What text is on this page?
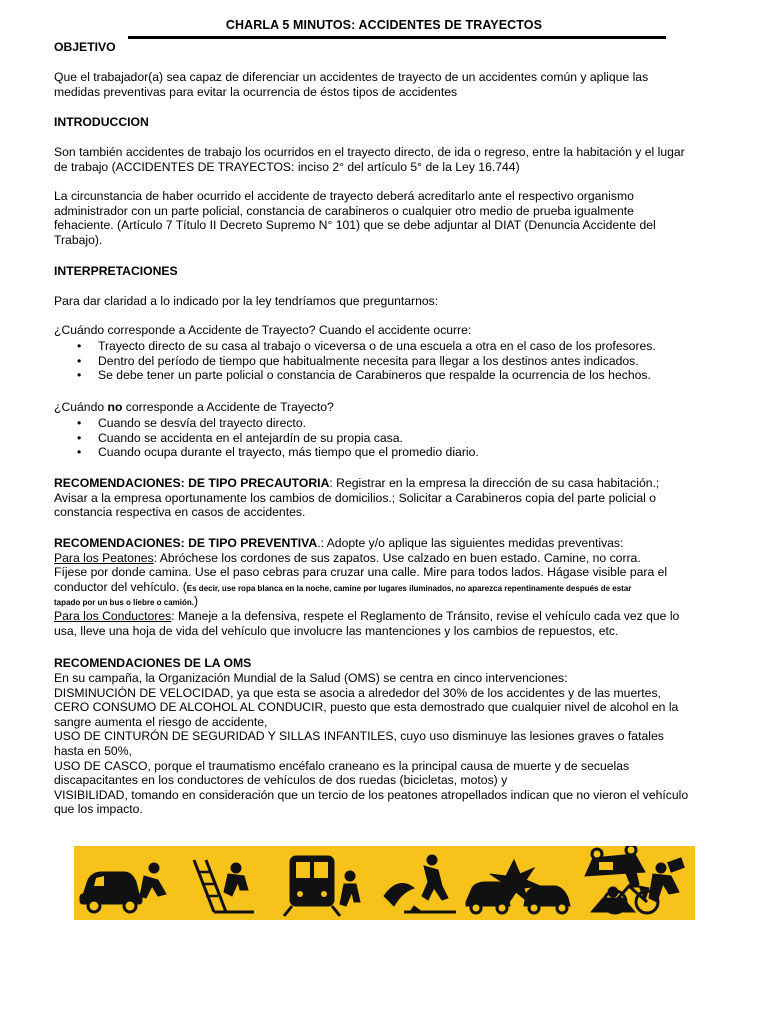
CHARLA 5 MINUTOS: ACCIDENTES DE TRAYECTOS
OBJETIVO
Que el trabajador(a) sea capaz de diferenciar un accidentes de trayecto de un accidentes común y aplique las
medidas preventivas para evitar la ocurrencia de éstos tipos de accidentes
INTRODUCCION
Son también accidentes de trabajo los ocurridos en el trayecto directo, de ida o regreso, entre la habitación y el lugar
de trabajo (ACCIDENTES DE TRAYECTOS: inciso 2° del artículo 5° de la Ley 16.744)
La circunstancia de haber ocurrido el accidente de trayecto deberá acreditarlo ante el respectivo organismo
administrador con un parte policial, constancia de carabineros o cualquier otro medio de prueba igualmente
fehaciente. (Artículo 7 Título II Decreto Supremo N° 101) que se debe adjuntar al DIAT (Denuncia Accidente del
Trabajo).
INTERPRETACIONES
Para dar claridad a lo indicado por la ley tendríamos que preguntarnos:
¿Cuándo corresponde a Accidente de Trayecto? Cuando el accidente ocurre:
• Trayecto directo de su casa al trabajo o viceversa o de una escuela a otra en el caso de los profesores.
• Dentro del período de tiempo que habitualmente necesita para llegar a los destinos antes indicados.
• Se debe tener un parte policial o constancia de Carabineros que respalde la ocurrencia de los hechos.
¿Cuándo no corresponde a Accidente de Trayecto?
• Cuando se desvía del trayecto directo.
• Cuando se accidenta en el antejardín de su propia casa.
• Cuando ocupa durante el trayecto, más tiempo que el promedio diario.
RECOMENDACIONES: DE TIPO PRECAUTORIA: Registrar en la empresa la dirección de su casa habitación.;
Avisar a la empresa oportunamente los cambios de domicilios.; Solicitar a Carabineros copia del parte policial o
constancia respectiva en casos de accidentes.
RECOMENDACIONES: DE TIPO PREVENTIVA.: Adopte y/o aplique las siguientes medidas preventivas:
Para los Peatones: Abróchese los cordones de sus zapatos. Use calzado en buen estado. Camine, no corra.
Fíjese por donde camina. Use el paso cebras para cruzar una calle. Mire para todos lados. Hágase visible para el
conductor del vehículo. (Es decir, use ropa blanca en la noche, camine por lugares iluminados, no aparezca repentinamente después de estar
tapado por un bus o liebre o camión.)
Para los Conductores: Maneje a la defensiva, respete el Reglamento de Tránsito, revise el vehículo cada vez que lo
usa, lleve una hoja de vida del vehículo que involucre las mantenciones y los cambios de repuestos, etc.
RECOMENDACIONES DE LA OMS
En su campaña, la Organización Mundial de la Salud (OMS) se centra en cinco intervenciones:
DISMINUCIÓN DE VELOCIDAD, ya que esta se asocia a alrededor del 30% de los accidentes y de las muertes,
CERO CONSUMO DE ALCOHOL AL CONDUCIR, puesto que esta demostrado que cualquier nivel de alcohol en la
sangre aumenta el riesgo de accidente,
USO DE CINTURÓN DE SEGURIDAD Y SILLAS INFANTILES, cuyo uso disminuye las lesiones graves o fatales
hasta en 50%,
USO DE CASCO, porque el traumatismo encéfalo craneano es la principal causa de muerte y de secuelas
discapacitantes en los conductores de vehículos de dos ruedas (bicicletas, motos) y
VISIBILIDAD, tomando en consideración que un tercio de los peatones atropellados indican que no vieron el vehículo
que los impacto.
